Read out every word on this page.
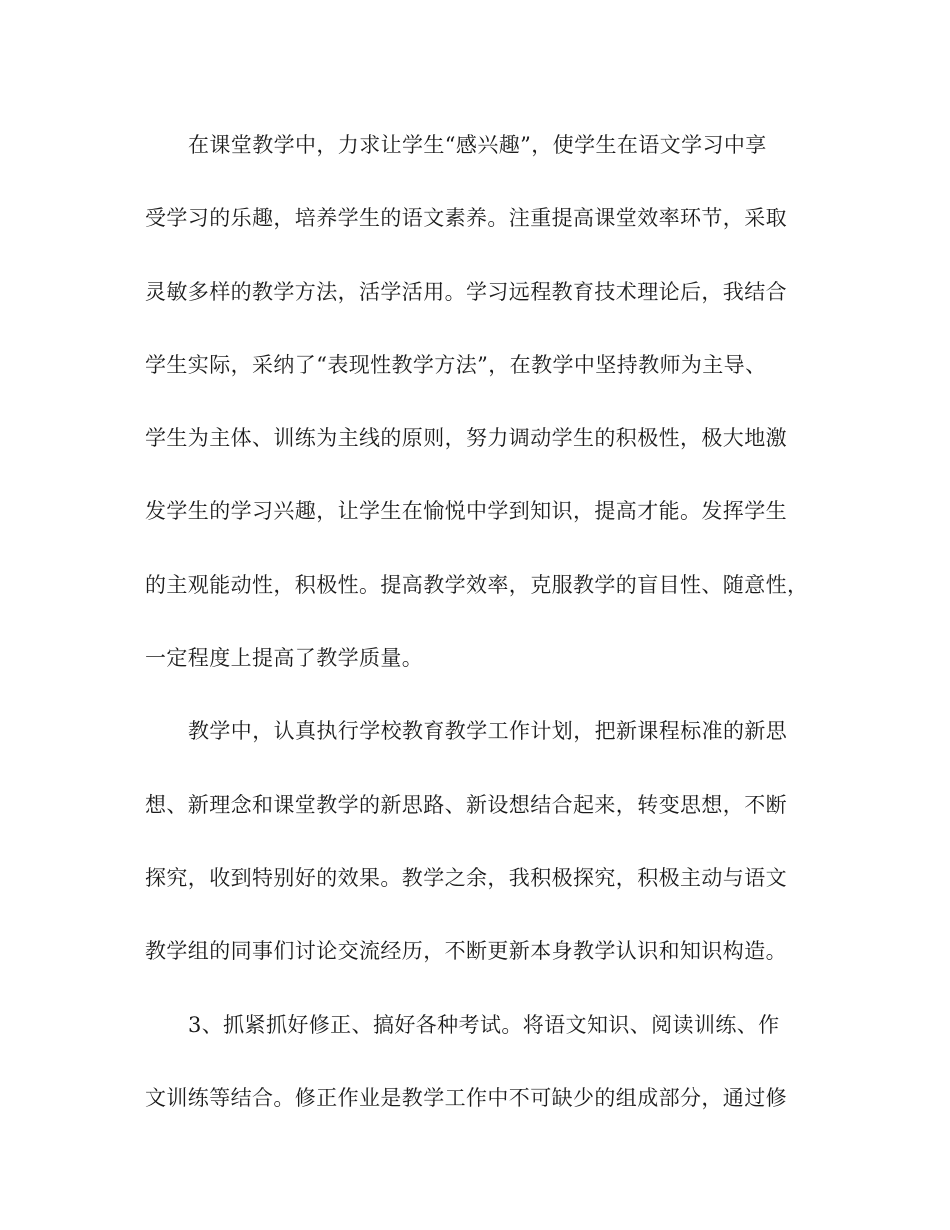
在课堂教学中，力求让学生“感兴趣”，使学生在语文学习中享
受学习的乐趣，培养学生的语文素养。注重提高课堂效率环节，采取
灵敏多样的教学方法，活学活用。学习远程教育技术理论后，我结合
学生实际，采纳了“表现性教学方法”，在教学中坚持教师为主导、
学生为主体、训练为主线的原则，努力调动学生的积极性，极大地激
发学生的学习兴趣，让学生在愉悦中学到知识，提高才能。发挥学生
的主观能动性，积极性。提高教学效率，克服教学的盲目性、随意性，
一定程度上提高了教学质量。
教学中，认真执行学校教育教学工作计划，把新课程标准的新思
想、新理念和课堂教学的新思路、新设想结合起来，转变思想，不断
探究，收到特别好的效果。教学之余，我积极探究，积极主动与语文
教学组的同事们讨论交流经历，不断更新本身教学认识和知识构造。
3、抓紧抓好修正、搞好各种考试。将语文知识、阅读训练、作
文训练等结合。修正作业是教学工作中不可缺少的组成部分，通过修
